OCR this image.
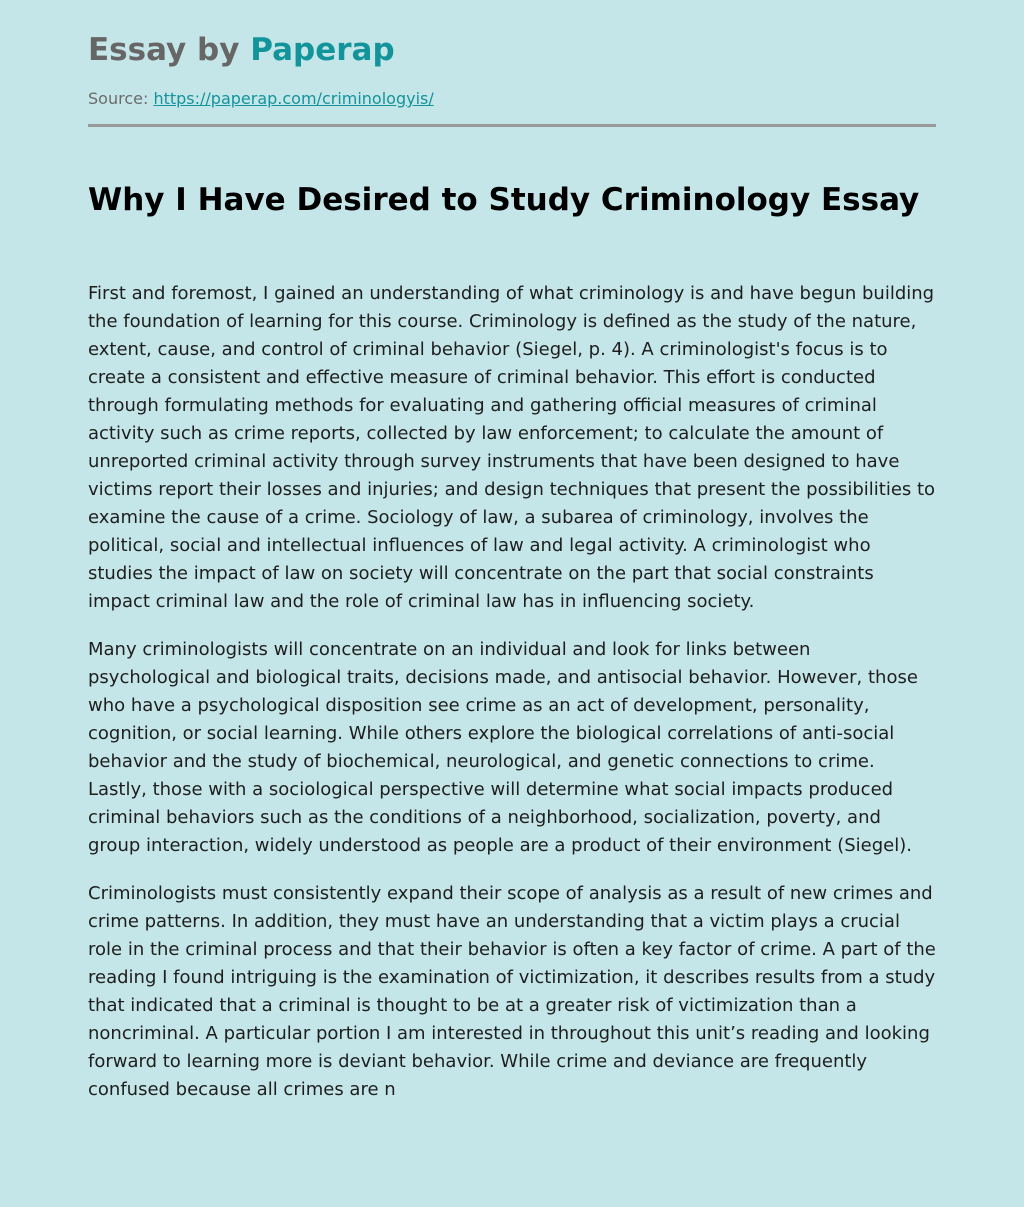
Essay by Paperap
Source: https://paperap.com/criminologyis/
Why I Have Desired to Study Criminology Essay

First and foremost, I gained an understanding of what criminology is and have begun building the foundation of learning for this course. Criminology is defined as the study of the nature, extent, cause, and control of criminal behavior (Siegel, p. 4). A criminologist's focus is to create a consistent and effective measure of criminal behavior. This effort is conducted through formulating methods for evaluating and gathering official measures of criminal activity such as crime reports, collected by law enforcement; to calculate the amount of unreported criminal activity through survey instruments that have been designed to have victims report their losses and injuries; and design techniques that present the possibilities to examine the cause of a crime. Sociology of law, a subarea of criminology, involves the political, social and intellectual influences of law and legal activity. A criminologist who studies the impact of law on society will concentrate on the part that social constraints impact criminal law and the role of criminal law has in influencing society.

Many criminologists will concentrate on an individual and look for links between psychological and biological traits, decisions made, and antisocial behavior. However, those who have a psychological disposition see crime as an act of development, personality, cognition, or social learning. While others explore the biological correlations of anti-social behavior and the study of biochemical, neurological, and genetic connections to crime. Lastly, those with a sociological perspective will determine what social impacts produced criminal behaviors such as the conditions of a neighborhood, socialization, poverty, and group interaction, widely understood as people are a product of their environment (Siegel).

Criminologists must consistently expand their scope of analysis as a result of new crimes and crime patterns. In addition, they must have an understanding that a victim plays a crucial role in the criminal process and that their behavior is often a key factor of crime. A part of the reading I found intriguing is the examination of victimization, it describes results from a study that indicated that a criminal is thought to be at a greater risk of victimization than a noncriminal. A particular portion I am interested in throughout this unit’s reading and looking forward to learning more is deviant behavior. While crime and deviance are frequently confused because all crimes are n
